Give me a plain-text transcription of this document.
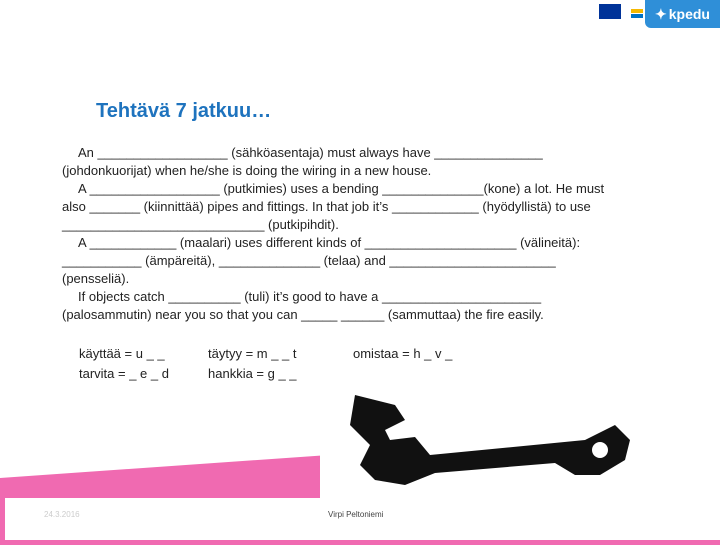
✦ kpedu
Tehtävä 7 jatkuu…

An __________________ (sähköasentaja) must always have _______________

(johdonkuorijat) when he/she is doing the wiring in a new house.

A __________________ (putkimies) uses a bending ______________(kone) a lot. He must

also _______ (kiinnittää) pipes and fittings. In that job it’s ____________ (hyödyllistä) to use

____________________________ (putkipihdit).

A ____________ (maalari) uses different kinds of _____________________ (välineitä):

___________ (ämpäreitä), ______________ (telaa) and _______________________

(pensseliä).

If objects catch __________ (tuli) it’s good to have a ______________________

(palosammutin) near you so that you can _____ ______ (sammuttaa) the fire easily.

käyttää = u _ _
tarvita = _ e _ d
täytyy = m _ _ t
hankkia = g _ _
omistaa = h _ v _
24.3.2016	Virpi Peltoniemi
